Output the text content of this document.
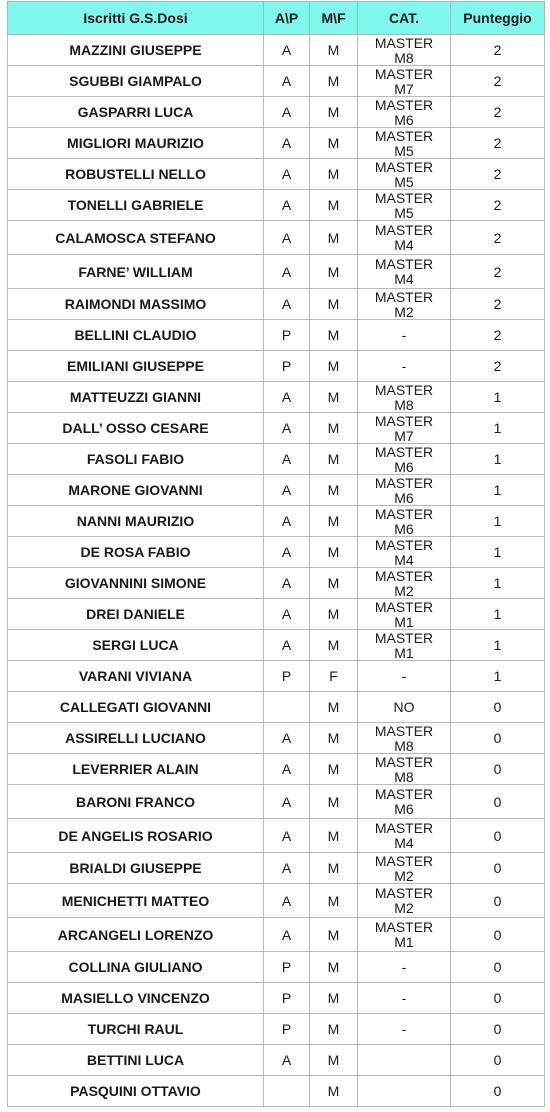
Iscritti G.S.Dosi	A\P	M\F	CAT.	Punteggio
MAZZINI GIUSEPPE	A	M	MASTER M8	2
SGUBBI GIAMPALO	A	M	MASTER M7	2
GASPARRI LUCA	A	M	MASTER M6	2
MIGLIORI MAURIZIO	A	M	MASTER M5	2
ROBUSTELLI NELLO	A	M	MASTER M5	2
TONELLI GABRIELE	A	M	MASTER M5	2
CALAMOSCA STEFANO	A	M	MASTER M4	2
FARNE’ WILLIAM	A	M	MASTER M4	2
RAIMONDI MASSIMO	A	M	MASTER M2	2
BELLINI CLAUDIO	P	M	-	2
EMILIANI GIUSEPPE	P	M	-	2
MATTEUZZI GIANNI	A	M	MASTER M8	1
DALL’ OSSO CESARE	A	M	MASTER M7	1
FASOLI FABIO	A	M	MASTER M6	1
MARONE GIOVANNI	A	M	MASTER M6	1
NANNI MAURIZIO	A	M	MASTER M6	1
DE ROSA FABIO	A	M	MASTER M4	1
GIOVANNINI SIMONE	A	M	MASTER M2	1
DREI DANIELE	A	M	MASTER M1	1
SERGI LUCA	A	M	MASTER M1	1
VARANI VIVIANA	P	F	-	1
CALLEGATI GIOVANNI		M	NO	0
ASSIRELLI LUCIANO	A	M	MASTER M8	0
LEVERRIER ALAIN	A	M	MASTER M8	0
BARONI FRANCO	A	M	MASTER M6	0
DE ANGELIS ROSARIO	A	M	MASTER M4	0
BRIALDI GIUSEPPE	A	M	MASTER M2	0
MENICHETTI MATTEO	A	M	MASTER M2	0
ARCANGELI LORENZO	A	M	MASTER M1	0
COLLINA GIULIANO	P	M	-	0
MASIELLO VINCENZO	P	M	-	0
TURCHI RAUL	P	M	-	0
BETTINI LUCA	A	M		0
PASQUINI OTTAVIO		M		0
